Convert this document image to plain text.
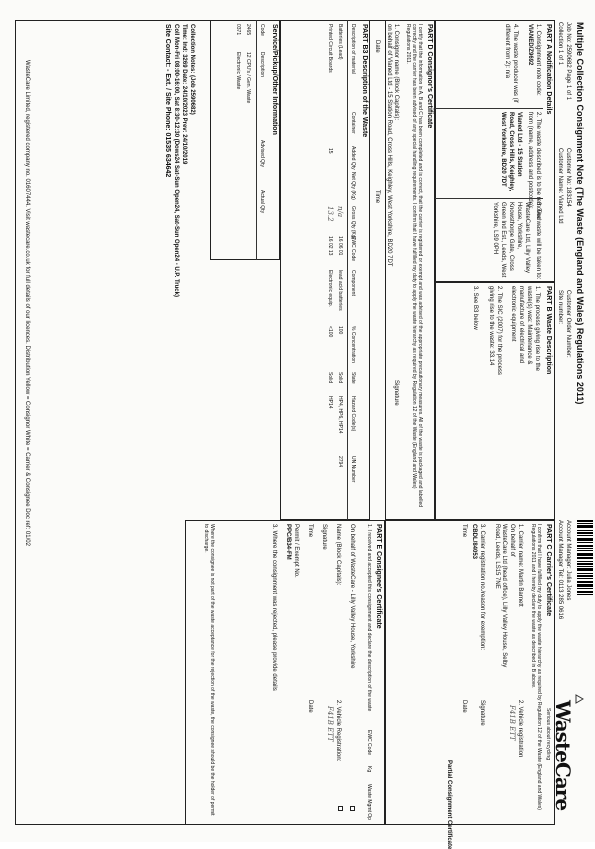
Multiple Collection Consignment Note (The Waste (England and Wales) Regulations 2011)
Job No: 2590682 Page 1 of 1
Collection 1 of 1
Customer No: 183154
Customer Name: Vianed Ltd
Customer Order Number:
Site number:
Account Manager: Julia Jones
Account Manager Tel: 0113 285 0616
WasteCare
Serious about recycling
PART A Notification Details
1. Consignment note code:
VIANED/Z9692
2. The waste described is to be removed
from (name, address and postcode):
Vianed Ltd - 15 Station Road, Cross Hills, Keighley, West Yorkshire, BD20 7DT
3. The waste will be taken to:
WasteCare Ltd, Lilly Valley House, Yorkshire, Knowsthorpe Gate, Cross Green Ind Est., Leeds, West Yorkshire, LS9 0PH
4. The waste producer was (if different from 2): n/a
PART B Waste Description
1. The process giving rise to the waste(s) was: Maintenance & manufacture of electrical and electronic equipment
2. The SIC (2007) for the process giving rise to the waste: 33.14
3. See B3 below
PART D Consignor's Certificate
I certify that the information in A, B and C has been completed and is correct, that the carrier is registered or exempt and was advised of the appropriate precautionary measures. All of the waste is packaged and labelled correctly and the carrier has been advised of any special handling requirements. I confirm that I have fulfilled my duty to apply the waste hierarchy as required by Regulation 12 of the Waste (England and Wales) Regulations 2011.
1. Consignor name (Block Capitals):
on behalf of Vianed Ltd - 15 Station Road, Cross Hills, Keighley, West Yorkshire, BD20 7DT
Signature
Date
Time
PART C Carrier's Certificate
I confirm that I have fulfilled my duty to apply the waste hierarchy as required by Regulation 12 of the Waste (England and Wales) Regulations 2011 and I hereby declare the waste as described in B above.
1. Carrier name: Martin Barnett
2. Vehicle registration
F41B ETT
On behalf of
WasteCare Ltd (head office), Lilly Valley House, Selby Road, Leeds, LS15 7NE
3. Carrier registration no./reason for exemption:
CBDL/84053
Signature
Time
Date
Partial Consignment Certificate
PART B3 Description of the Waste
Description of material
Container
Added Qty
Net Qty (Kg)
Gross Qty (Kg)
EWC Code
Component
% Concentration
State
Hazard Code(s)
UN Number
Batteries (Lead)
16 06 01
lead acid batteries
100
Solid
HP4, HP6, HP14
2794
Printed Circuit Boards
15
16 02 13
Electronic equip.
<100
Solid
HP14
13.2 n/a
PART E Consignee's Certificate
1. I received and accepted this consignment and declare the description of the waste
EWC Code
Kg
Waste Mgmt Op
On behalf of WasteCare - Lilly Valley House, Yorkshire
Name (Block Capitals):
Signature
Time
2. Vehicle Registration:
F41B ETT
Date
Permit / Exempt No.
PPC/B34-FM
3. Where the consignment was rejected, please provide details
Where the consignee is not part of the waste acceptance for the rejection of the waste, the consignee should be the holder of permit to discharge.
Service/Pickup/Other Information
Code
Description
Advised Qty
Actual Qty
2465
12 CPU's / Gen. Waste
0371
Electronic Waste
Collection Notes: (Job 2590682)
Time: Ind: 3269 Date: 24/10/2023 Prev: 24/10/2019
Coll Mon-Fri 08:00-16:00, Sat 8:30-12:30 (Dows24 Sat-Sun Open24, Sat-Sun Open24 - U.P. Truck)
Site Contact: - Ext. / Site Phone: 01535 634642
WasteCare Limited, registered company no. 01607444. Visit wastecare.co.uk for full details of our licences. Distribution Yellow = Consignor White = Carrier & Consignee Doc ref: 01/02
